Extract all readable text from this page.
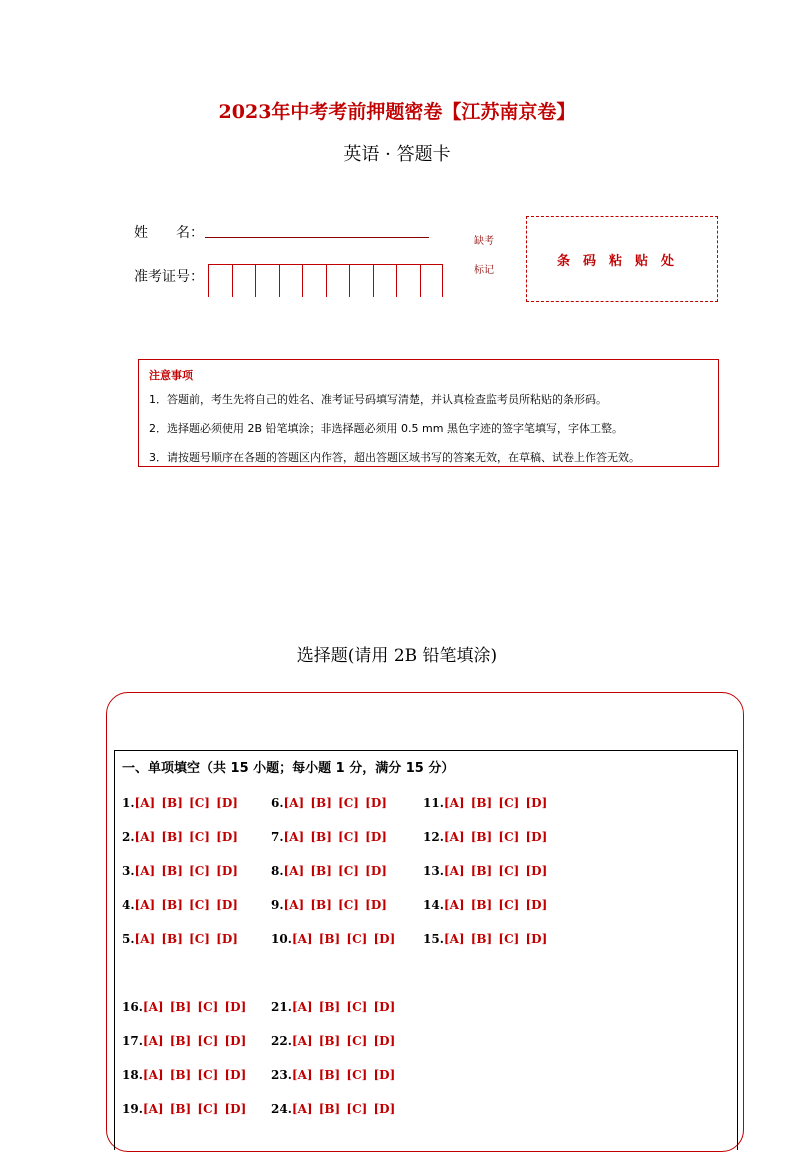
2023年中考考前押题密卷【江苏南京卷】
英语 · 答题卡
姓　　名：
准考证号：
缺考
标记
条码粘贴处
注意事项
1．答题前，考生先将自己的姓名、准考证号码填写清楚，并认真检查监考员所粘贴的条形码。
2．选择题必须使用 2B 铅笔填涂；非选择题必须用 0.5 mm 黑色字迹的签字笔填写，字体工整。
3．请按题号顺序在各题的答题区内作答，超出答题区域书写的答案无效，在草稿、试卷上作答无效。
选择题(请用 2B 铅笔填涂)
一、单项填空（共 15 小题；每小题 1 分，满分 15 分）
1.[A] [B] [C] [D]
2.[A] [B] [C] [D]
3.[A] [B] [C] [D]
4.[A] [B] [C] [D]
5.[A] [B] [C] [D]
6.[A] [B] [C] [D]
7.[A] [B] [C] [D]
8.[A] [B] [C] [D]
9.[A] [B] [C] [D]
10.[A] [B] [C] [D]
11.[A] [B] [C] [D]
12.[A] [B] [C] [D]
13.[A] [B] [C] [D]
14.[A] [B] [C] [D]
15.[A] [B] [C] [D]
16.[A] [B] [C] [D]
17.[A] [B] [C] [D]
18.[A] [B] [C] [D]
19.[A] [B] [C] [D]
21.[A] [B] [C] [D]
22.[A] [B] [C] [D]
23.[A] [B] [C] [D]
24.[A] [B] [C] [D]
